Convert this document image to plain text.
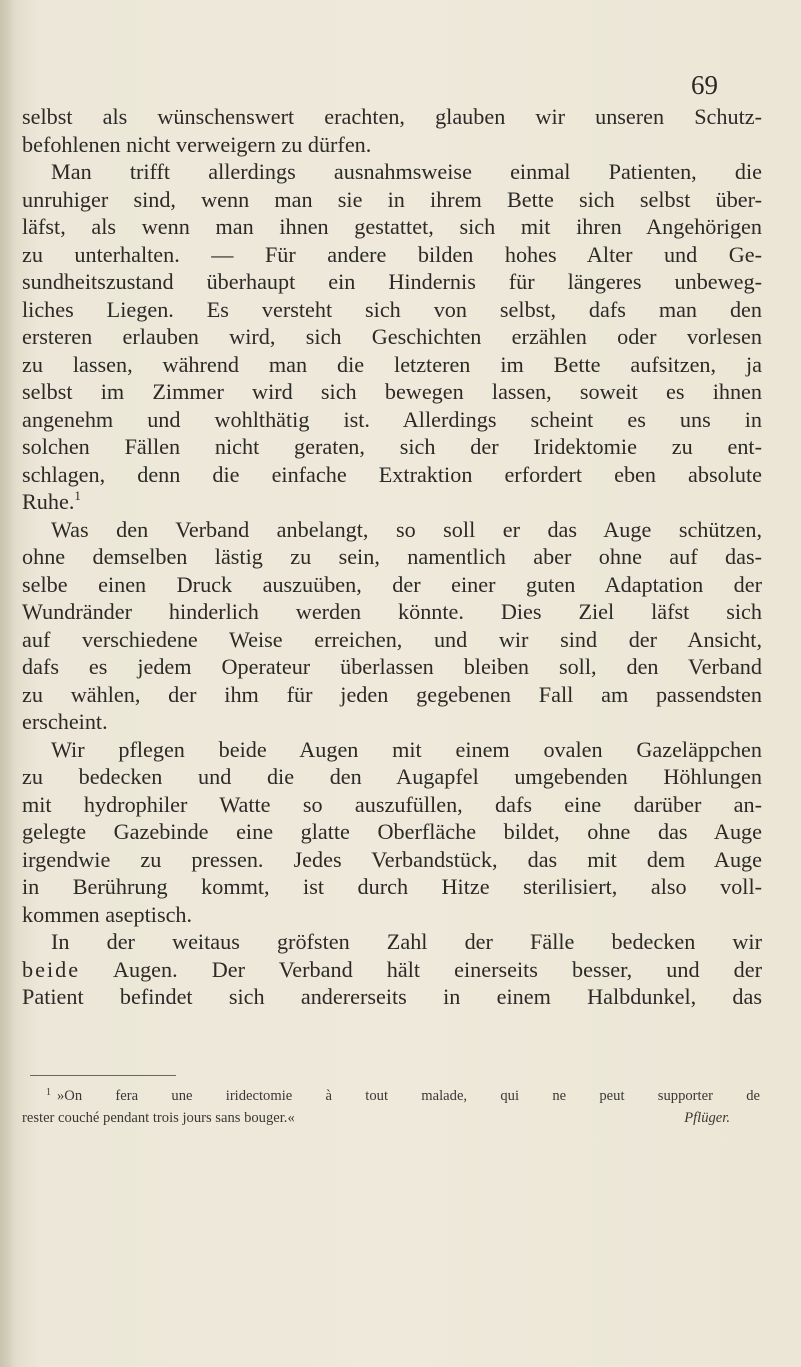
69

selbst als wünschenswert erachten, glauben wir unseren Schutz-
befohlenen nicht verweigern zu dürfen.

Man trifft allerdings ausnahmsweise einmal Patienten, die
unruhiger sind, wenn man sie in ihrem Bette sich selbst über-
läfst, als wenn man ihnen gestattet, sich mit ihren Angehörigen
zu unterhalten. — Für andere bilden hohes Alter und Ge-
sundheitszustand überhaupt ein Hindernis für längeres unbeweg-
liches Liegen. Es versteht sich von selbst, dafs man den
ersteren erlauben wird, sich Geschichten erzählen oder vorlesen
zu lassen, während man die letzteren im Bette aufsitzen, ja
selbst im Zimmer wird sich bewegen lassen, soweit es ihnen
angenehm und wohlthätig ist. Allerdings scheint es uns in
solchen Fällen nicht geraten, sich der Iridektomie zu ent-
schlagen, denn die einfache Extraktion erfordert eben absolute
Ruhe.$^1$

Was den Verband anbelangt, so soll er das Auge schützen,
ohne demselben lästig zu sein, namentlich aber ohne auf das-
selbe einen Druck auszuüben, der einer guten Adaptation der
Wundränder hinderlich werden könnte. Dies Ziel läfst sich
auf verschiedene Weise erreichen, und wir sind der Ansicht,
dafs es jedem Operateur überlassen bleiben soll, den Verband
zu wählen, der ihm für jeden gegebenen Fall am passendsten
erscheint.

Wir pflegen beide Augen mit einem ovalen Gazeläppchen
zu bedecken und die den Augapfel umgebenden Höhlungen
mit hydrophiler Watte so auszufüllen, dafs eine darüber an-
gelegte Gazebinde eine glatte Oberfläche bildet, ohne das Auge
irgendwie zu pressen. Jedes Verbandstück, das mit dem Auge
in Berührung kommt, ist durch Hitze sterilisiert, also voll-
kommen aseptisch.

In der weitaus gröfsten Zahl der Fälle bedecken wir
beide Augen. Der Verband hält einerseits besser, und der
Patient befindet sich andererseits in einem Halbdunkel, das

$^1$ »On fera une iridectomie à tout malade, qui ne peut supporter de
rester couché pendant trois jours sans bouger.«	Pflüger.
